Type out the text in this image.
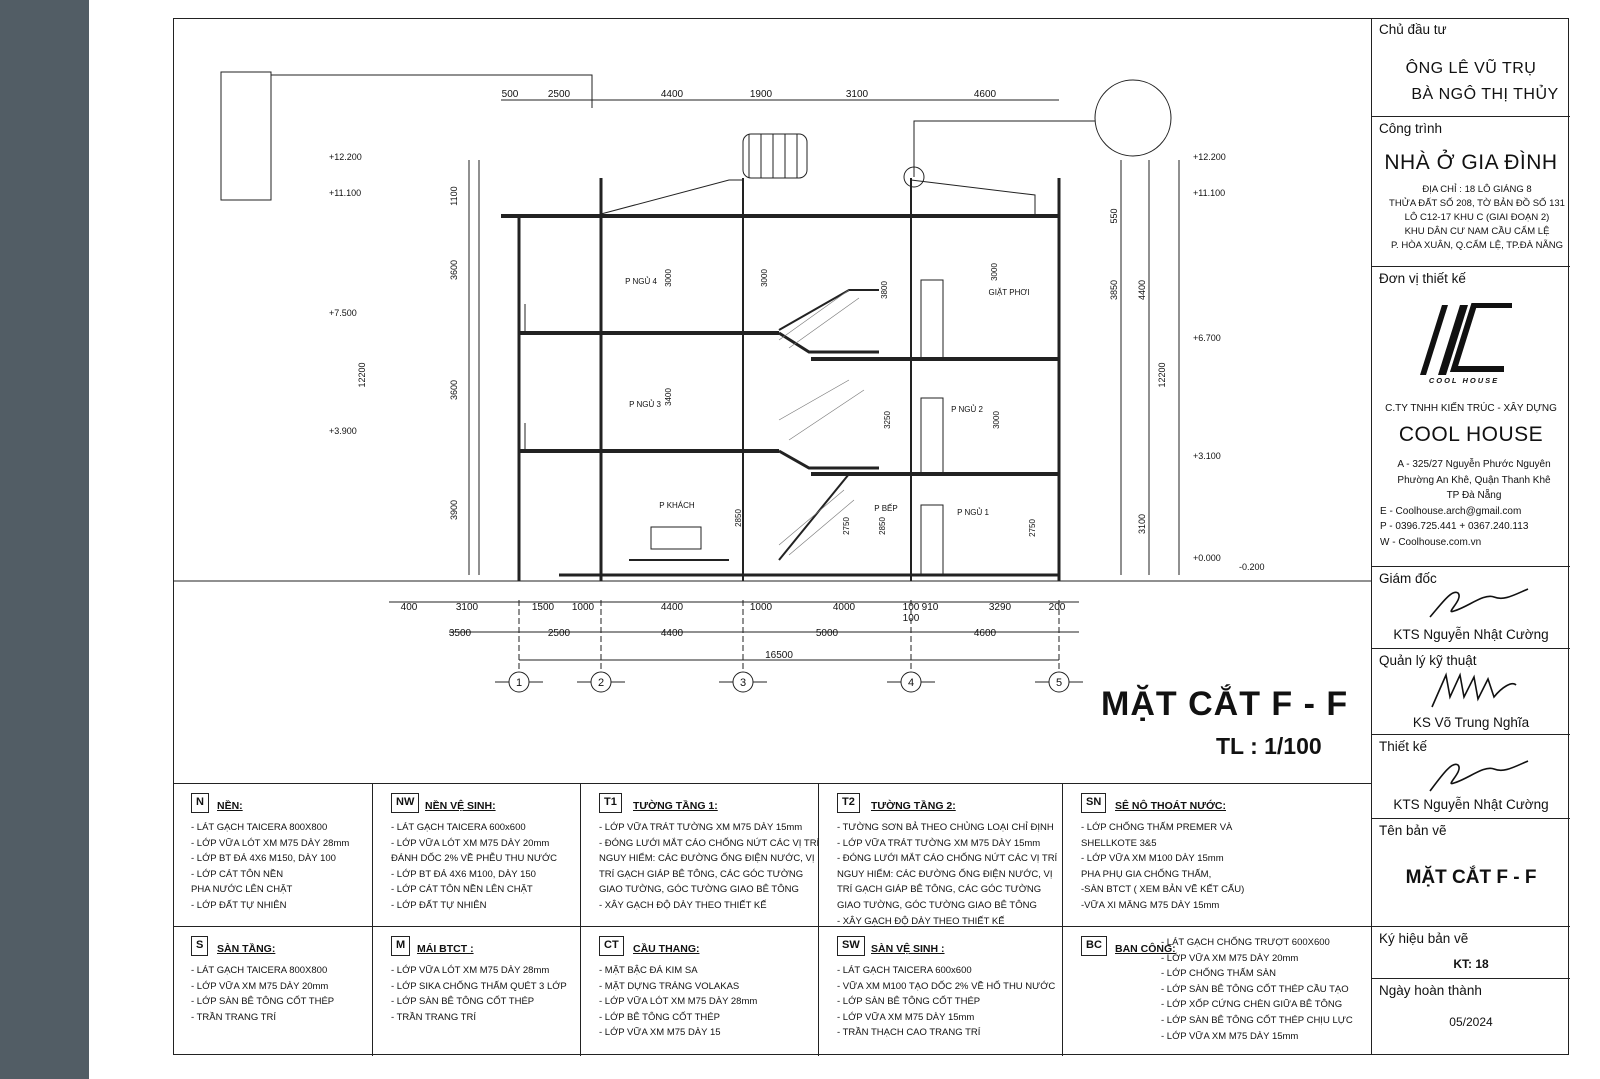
500	2500	4400	1900	3100	4600
400	3100	1500 1000	4400	1000	4000	100 910	3290	200
3500	2500	4400	5000	4600
1	2	3	4	5
+12.200
+11.100
+7.500
+3.900
1100
3600
3600
3900
12200
+12.200
+11.100
+6.700
+3.100
+0.000
-0.200
550
3850 4400
12200
3100
P NGỦ 4
GIẶT PHƠI
P NGỦ 3
P NGỦ 2
P KHÁCH	P BẾP	P NGỦ 1
3000	3000
3800
3000
3250	3000
3400
2850	2750	2850	2750
16500
100
MẶT CẮT F - F
TL : 1/100
N	NỀN:
- LÁT GẠCH TAICERA 800X800
- LỚP VỮA LÓT XM M75 DÀY 28mm
- LỚP BT ĐÁ 4X6 M150, DÀY 100
- LỚP CÁT TÔN NỀN
PHA NƯỚC LÊN CHẶT
- LỚP ĐẤT TỰ NHIÊN
NW	NỀN VỆ SINH:
- LÁT GẠCH TAICERA 600x600
- LỚP VỮA LÓT XM M75 DÀY 20mm
ĐÁNH DỐC 2% VỀ PHỄU THU NƯỚC
- LỚP BT ĐÁ 4X6 M100, DÀY 150
- LỚP CÁT TÔN NỀN LÊN CHẶT
- LỚP ĐẤT TỰ NHIÊN
T1	TƯỜNG TẦNG 1:
- LỚP VỮA TRÁT TƯỜNG XM M75 DÀY 15mm
- ĐÓNG LƯỚI MẮT CÁO CHỐNG NỨT CÁC VỊ TRÍ
NGUY HIỂM: CÁC ĐƯỜNG ỐNG ĐIỆN NƯỚC, VỊ
TRÍ GẠCH GIÁP BÊ TÔNG, CÁC GÓC TƯỜNG
GIAO TƯỜNG, GÓC TƯỜNG GIAO BÊ TÔNG
- XÂY GẠCH ĐỘ DÀY THEO THIẾT KẾ
T2	TƯỜNG TẦNG 2:
- TƯỜNG SƠN BẢ THEO CHỦNG LOẠI CHỈ ĐỊNH
- LỚP VỮA TRÁT TƯỜNG XM M75 DÀY 15mm
- ĐÓNG LƯỚI MẮT CÁO CHỐNG NỨT CÁC VỊ TRÍ
NGUY HIỂM: CÁC ĐƯỜNG ỐNG ĐIỆN NƯỚC, VỊ
TRÍ GẠCH GIÁP BÊ TÔNG, CÁC GÓC TƯỜNG
GIAO TƯỜNG, GÓC TƯỜNG GIAO BÊ TÔNG
- XÂY GẠCH ĐỘ DÀY THEO THIẾT KẾ
SN	SÊ NÔ THOÁT NƯỚC:
- LỚP CHỐNG THẤM PREMER VÀ
SHELLKOTE 3&5
- LỚP VỮA XM M100 DÀY 15mm
PHA PHỤ GIA CHỐNG THẤM,
-SÀN BTCT ( XEM BẢN VẼ KẾT CẤU)
-VỮA XI MĂNG M75 DÀY 15mm
S	SÀN TẦNG:
- LÁT GẠCH TAICERA 800X800
- LỚP VỮA XM M75 DÀY 20mm
- LỚP SÀN BÊ TÔNG CỐT THÉP
- TRẦN TRANG TRÍ
M	MÁI BTCT :
- LỚP VỮA LÓT XM M75 DÀY 28mm
- LỚP SIKA CHỐNG THẤM QUÉT 3 LỚP
- LỚP SÀN BÊ TÔNG CỐT THÉP
- TRẦN TRANG TRÍ
CT	CẦU THANG:
- MẶT BẬC ĐÁ KIM SA
- MẶT DỰNG TRÁNG VOLAKAS
- LỚP VỮA LÓT XM M75 DÀY 28mm
- LỚP BÊ TÔNG CỐT THÉP
- LỚP VỮA XM M75 DÀY 15
SW	SÀN VỆ SINH :
- LÁT GẠCH TAICERA 600x600
- VỮA XM M100 TẠO DỐC 2% VỀ HỐ THU NƯỚC
- LỚP SÀN BÊ TÔNG CỐT THÉP
- LỚP VỮA XM M75 DÀY 15mm
- TRẦN THẠCH CAO TRANG TRÍ
BC	BAN CÔNG:
- LÁT GẠCH CHỐNG TRƯỢT 600X600
- LỚP VỮA XM M75 DÀY 20mm
- LỚP CHỐNG THẤM SÀN
- LỚP SÀN BÊ TÔNG CỐT THÉP CẦU TẠO
- LỚP XỐP CỨNG CHÈN GIỮA BÊ TÔNG
- LỚP SÀN BÊ TÔNG CỐT THÉP CHỊU LỰC
- LỚP VỮA XM M75 DÀY 15mm
Chủ đầu tư
ÔNG LÊ VŨ TRỤ
BÀ NGÔ THỊ THỦY
Công trình
NHÀ Ở GIA ĐÌNH
ĐỊA CHỈ : 18 LÔ GIÁNG 8
THỬA ĐẤT SỐ 208, TỜ BẢN ĐỒ SỐ 131
LÔ C12-17 KHU C (GIAI ĐOẠN 2)
KHU DÂN CƯ NAM CẦU CẨM LỆ
P. HÒA XUÂN, Q.CẨM LỆ, TP.ĐÀ NẴNG
Đơn vị thiết kế
COOL HOUSE
C.TY TNHH KIẾN TRÚC - XÂY DỰNG
COOL HOUSE
A - 325/27 Nguyễn Phước Nguyên
Phường An Khê, Quận Thanh Khê
TP Đà Nẵng
E - Coolhouse.arch@gmail.com
P - 0396.725.441 + 0367.240.113
W - Coolhouse.com.vn
Giám đốc
KTS Nguyễn Nhật Cường
Quản lý kỹ thuật
KS Võ Trung Nghĩa
Thiết kế
KTS Nguyễn Nhật Cường
Tên bản vẽ
MẶT CẮT F - F
Ký hiệu bản vẽ
KT: 18
Ngày hoàn thành
05/2024
